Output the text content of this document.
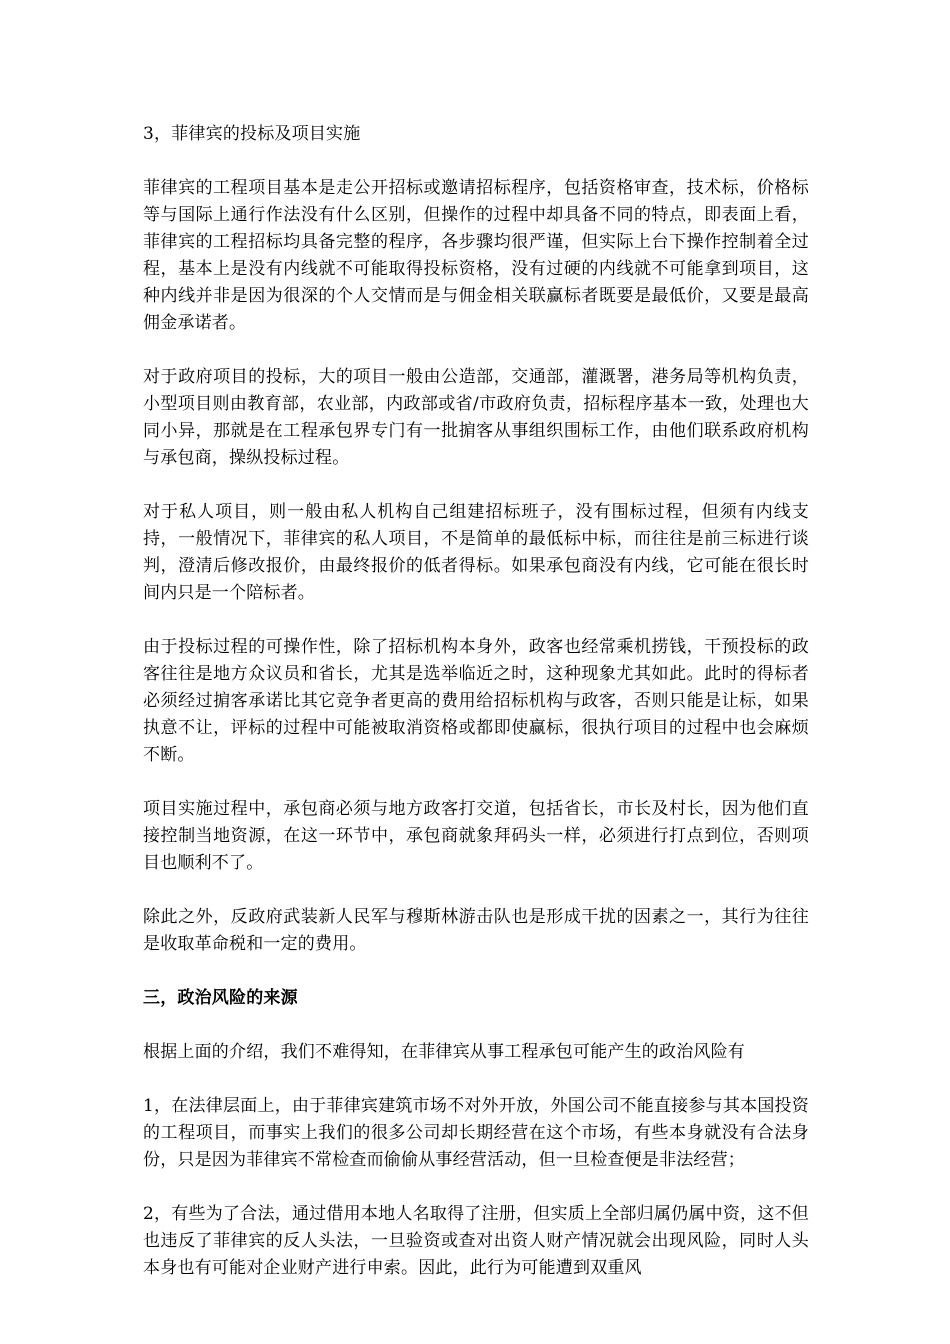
3，菲律宾的投标及项目实施

菲律宾的工程项目基本是走公开招标或邀请招标程序，包括资格审查，技术标，价格标等与国际上通行作法没有什么区别，但操作的过程中却具备不同的特点，即表面上看，菲律宾的工程招标均具备完整的程序，各步骤均很严谨，但实际上台下操作控制着全过程，基本上是没有内线就不可能取得投标资格，没有过硬的内线就不可能拿到项目，这种内线并非是因为很深的个人交情而是与佣金相关联赢标者既要是最低价，又要是最高佣金承诺者。

对于政府项目的投标，大的项目一般由公造部，交通部，灌溉署，港务局等机构负责，小型项目则由教育部，农业部，内政部或省/市政府负责，招标程序基本一致，处理也大同小异，那就是在工程承包界专门有一批掮客从事组织围标工作，由他们联系政府机构与承包商，操纵投标过程。

对于私人项目，则一般由私人机构自己组建招标班子，没有围标过程，但须有内线支持，一般情况下，菲律宾的私人项目，不是简单的最低标中标，而往往是前三标进行谈判，澄清后修改报价，由最终报价的低者得标。如果承包商没有内线，它可能在很长时间内只是一个陪标者。

由于投标过程的可操作性，除了招标机构本身外，政客也经常乘机捞钱，干预投标的政客往往是地方众议员和省长，尤其是选举临近之时，这种现象尤其如此。此时的得标者必须经过掮客承诺比其它竞争者更高的费用给招标机构与政客，否则只能是让标，如果执意不让，评标的过程中可能被取消资格或都即使赢标，很执行项目的过程中也会麻烦不断。

项目实施过程中，承包商必须与地方政客打交道，包括省长，市长及村长，因为他们直接控制当地资源，在这一环节中，承包商就象拜码头一样，必须进行打点到位，否则项目也顺利不了。

除此之外，反政府武装新人民军与穆斯林游击队也是形成干扰的因素之一，其行为往往是收取革命税和一定的费用。

三，政治风险的来源

根据上面的介绍，我们不难得知，在菲律宾从事工程承包可能产生的政治风险有

1，在法律层面上，由于菲律宾建筑市场不对外开放，外国公司不能直接参与其本国投资的工程项目，而事实上我们的很多公司却长期经营在这个市场，有些本身就没有合法身份，只是因为菲律宾不常检查而偷偷从事经营活动，但一旦检查便是非法经营；

2，有些为了合法，通过借用本地人名取得了注册，但实质上全部归属仍属中资，这不但也违反了菲律宾的反人头法，一旦验资或查对出资人财产情况就会出现风险，同时人头本身也有可能对企业财产进行申索。因此，此行为可能遭到双重风
